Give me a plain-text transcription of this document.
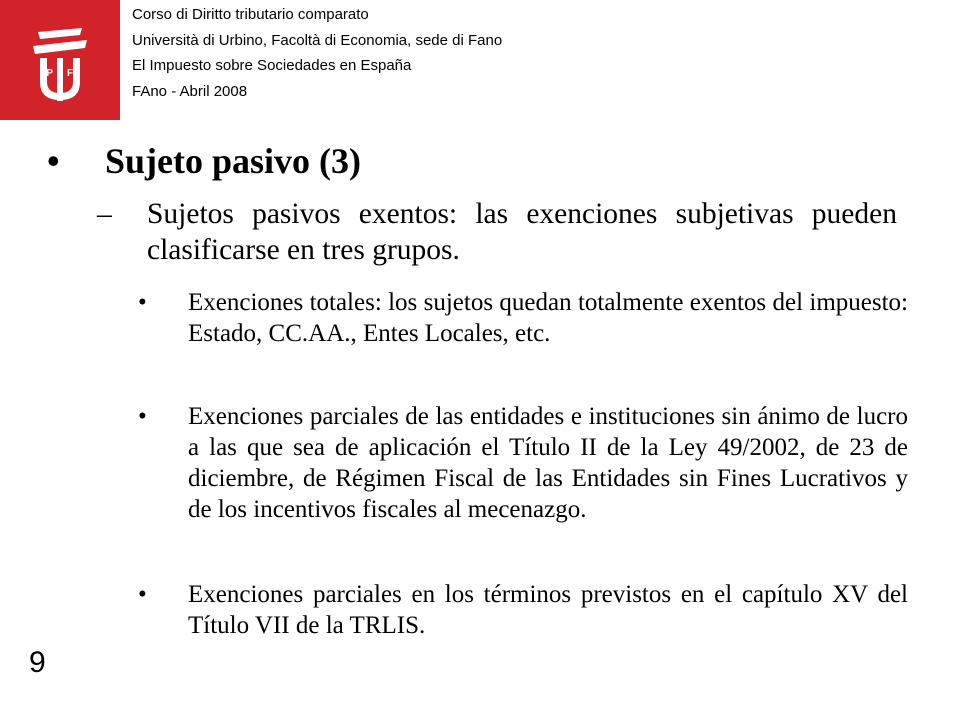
P F
Corso di Diritto tributario comparato
Università di Urbino, Facoltà di Economia, sede di Fano
El Impuesto sobre Sociedades en España
FAno - Abril 2008
•	Sujeto pasivo (3)
–	Sujetos pasivos exentos: las exenciones subjetivas pueden clasificarse en tres grupos.
•	Exenciones totales: los sujetos quedan totalmente exentos del impuesto: Estado, CC.AA., Entes Locales, etc.
•	Exenciones parciales de las entidades e instituciones sin ánimo de lucro a las que sea de aplicación el Título II de la Ley 49/2002, de 23 de diciembre, de Régimen Fiscal de las Entidades sin Fines Lucrativos y de los incentivos fiscales al mecenazgo.
•	Exenciones parciales en los términos previstos en el capítulo XV del Título VII de la TRLIS.
9
